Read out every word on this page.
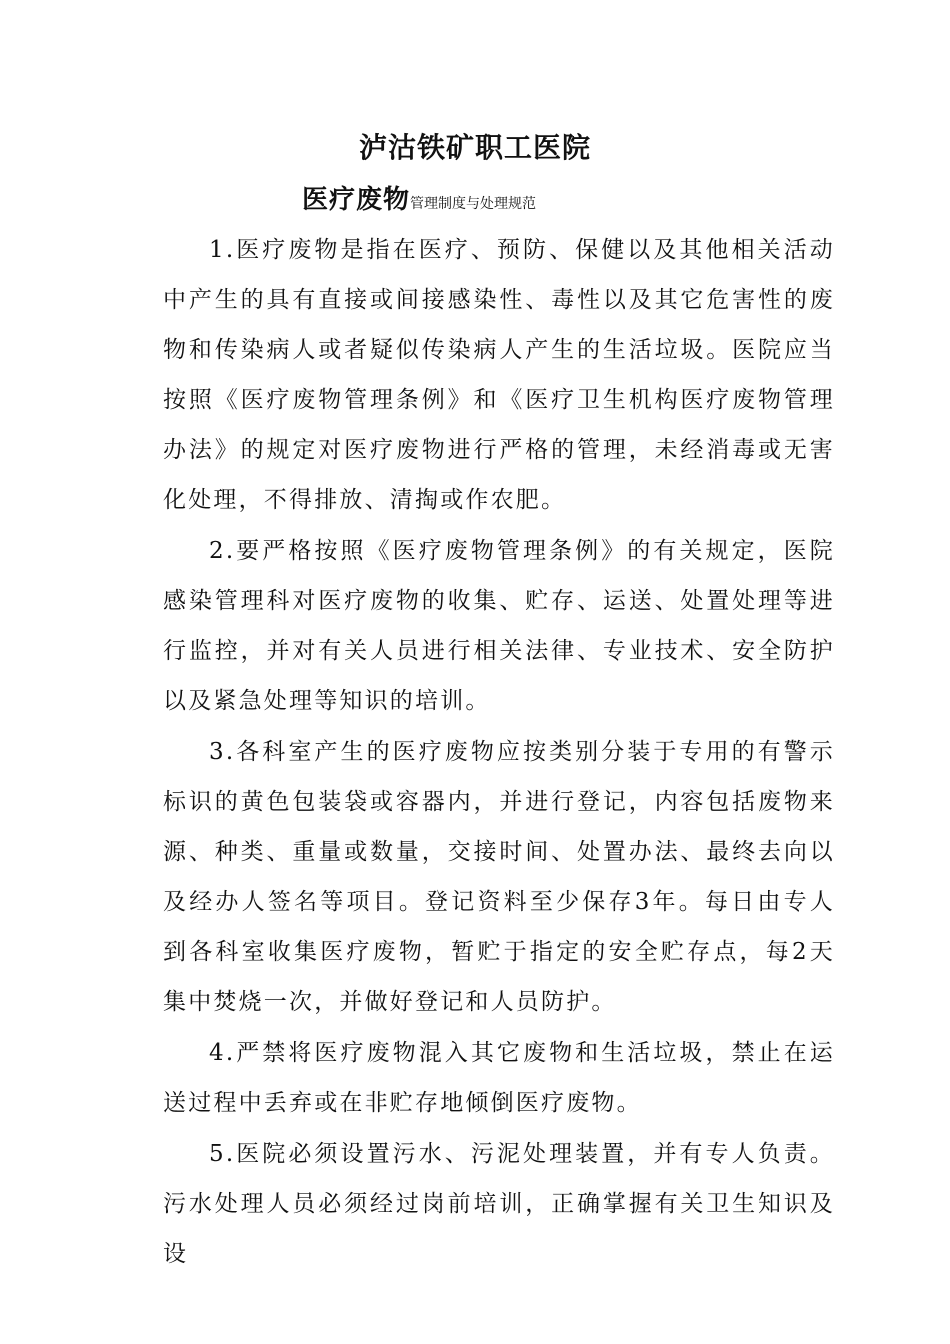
泸沽铁矿职工医院

医疗废物管理制度与处理规范

1.医疗废物是指在医疗、预防、保健以及其他相关活动中产生的具有直接或间接感染性、毒性以及其它危害性的废物和传染病人或者疑似传染病人产生的生活垃圾。医院应当按照《医疗废物管理条例》和《医疗卫生机构医疗废物管理办法》的规定对医疗废物进行严格的管理，未经消毒或无害化处理，不得排放、清掏或作农肥。

2.要严格按照《医疗废物管理条例》的有关规定，医院感染管理科对医疗废物的收集、贮存、运送、处置处理等进行监控，并对有关人员进行相关法律、专业技术、安全防护以及紧急处理等知识的培训。

3.各科室产生的医疗废物应按类别分装于专用的有警示标识的黄色包装袋或容器内，并进行登记，内容包括废物来源、种类、重量或数量，交接时间、处置办法、最终去向以及经办人签名等项目。登记资料至少保存3年。每日由专人到各科室收集医疗废物，暂贮于指定的安全贮存点，每2天集中焚烧一次，并做好登记和人员防护。

4.严禁将医疗废物混入其它废物和生活垃圾，禁止在运送过程中丢弃或在非贮存地倾倒医疗废物。

5.医院必须设置污水、污泥处理装置，并有专人负责。污水处理人员必须经过岗前培训，正确掌握有关卫生知识及设
